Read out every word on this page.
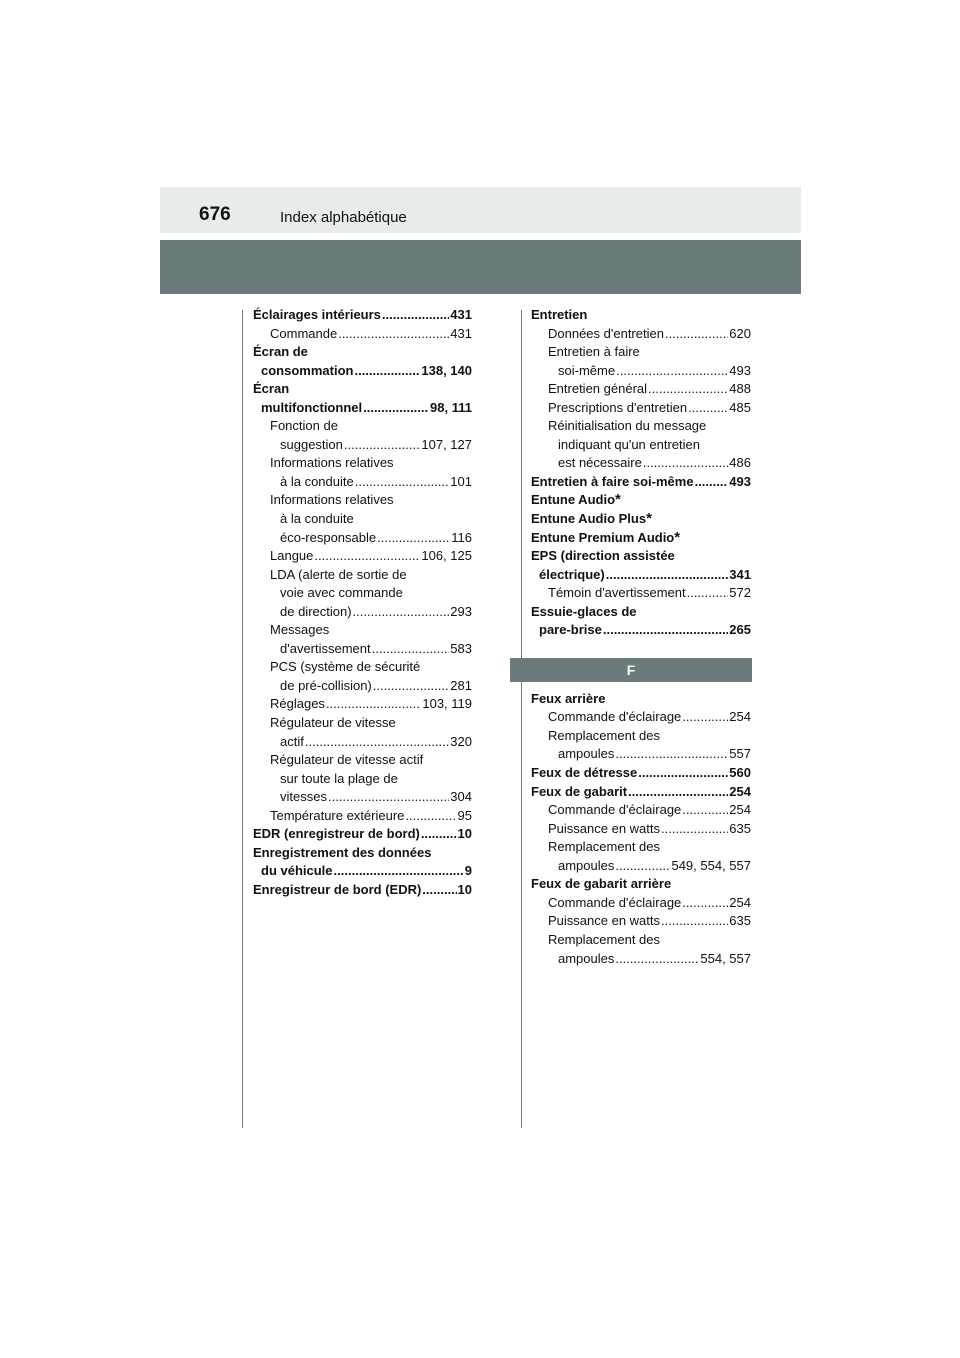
676	Index alphabétique
Éclairages intérieurs .....	431
Commande .....	431
Écran de
consommation .....	138, 140
Écran
multifonctionnel .....	98, 111
Fonction de
suggestion .....	107, 127
Informations relatives
à la conduite .....	101
Informations relatives
à la conduite
éco-responsable .....	116
Langue .....	106, 125
LDA (alerte de sortie de
voie avec commande
de direction) .....	293
Messages
d'avertissement .....	583
PCS (système de sécurité
de pré-collision) .....	281
Réglages .....	103, 119
Régulateur de vitesse
actif .....	320
Régulateur de vitesse actif
sur toute la plage de
vitesses .....	304
Température extérieure .....	95
EDR (enregistreur de bord) .....	10
Enregistrement des données
du véhicule .....	9
Enregistreur de bord (EDR) .....	10
Entretien
Données d'entretien .....	620
Entretien à faire
soi-même .....	493
Entretien général .....	488
Prescriptions d'entretien .....	485
Réinitialisation du message
indiquant qu'un entretien
est nécessaire .....	486
Entretien à faire soi-même .....	493
Entune Audio *
Entune Audio Plus *
Entune Premium Audio *
EPS (direction assistée
électrique) .....	341
Témoin d'avertissement .....	572
Essuie-glaces de
pare-brise .....	265
F
Feux arrière
Commande d'éclairage .....	254
Remplacement des
ampoules .....	557
Feux de détresse .....	560
Feux de gabarit .....	254
Commande d'éclairage .....	254
Puissance en watts .....	635
Remplacement des
ampoules .....	549, 554, 557
Feux de gabarit arrière
Commande d'éclairage .....	254
Puissance en watts .....	635
Remplacement des
ampoules .....	554, 557
